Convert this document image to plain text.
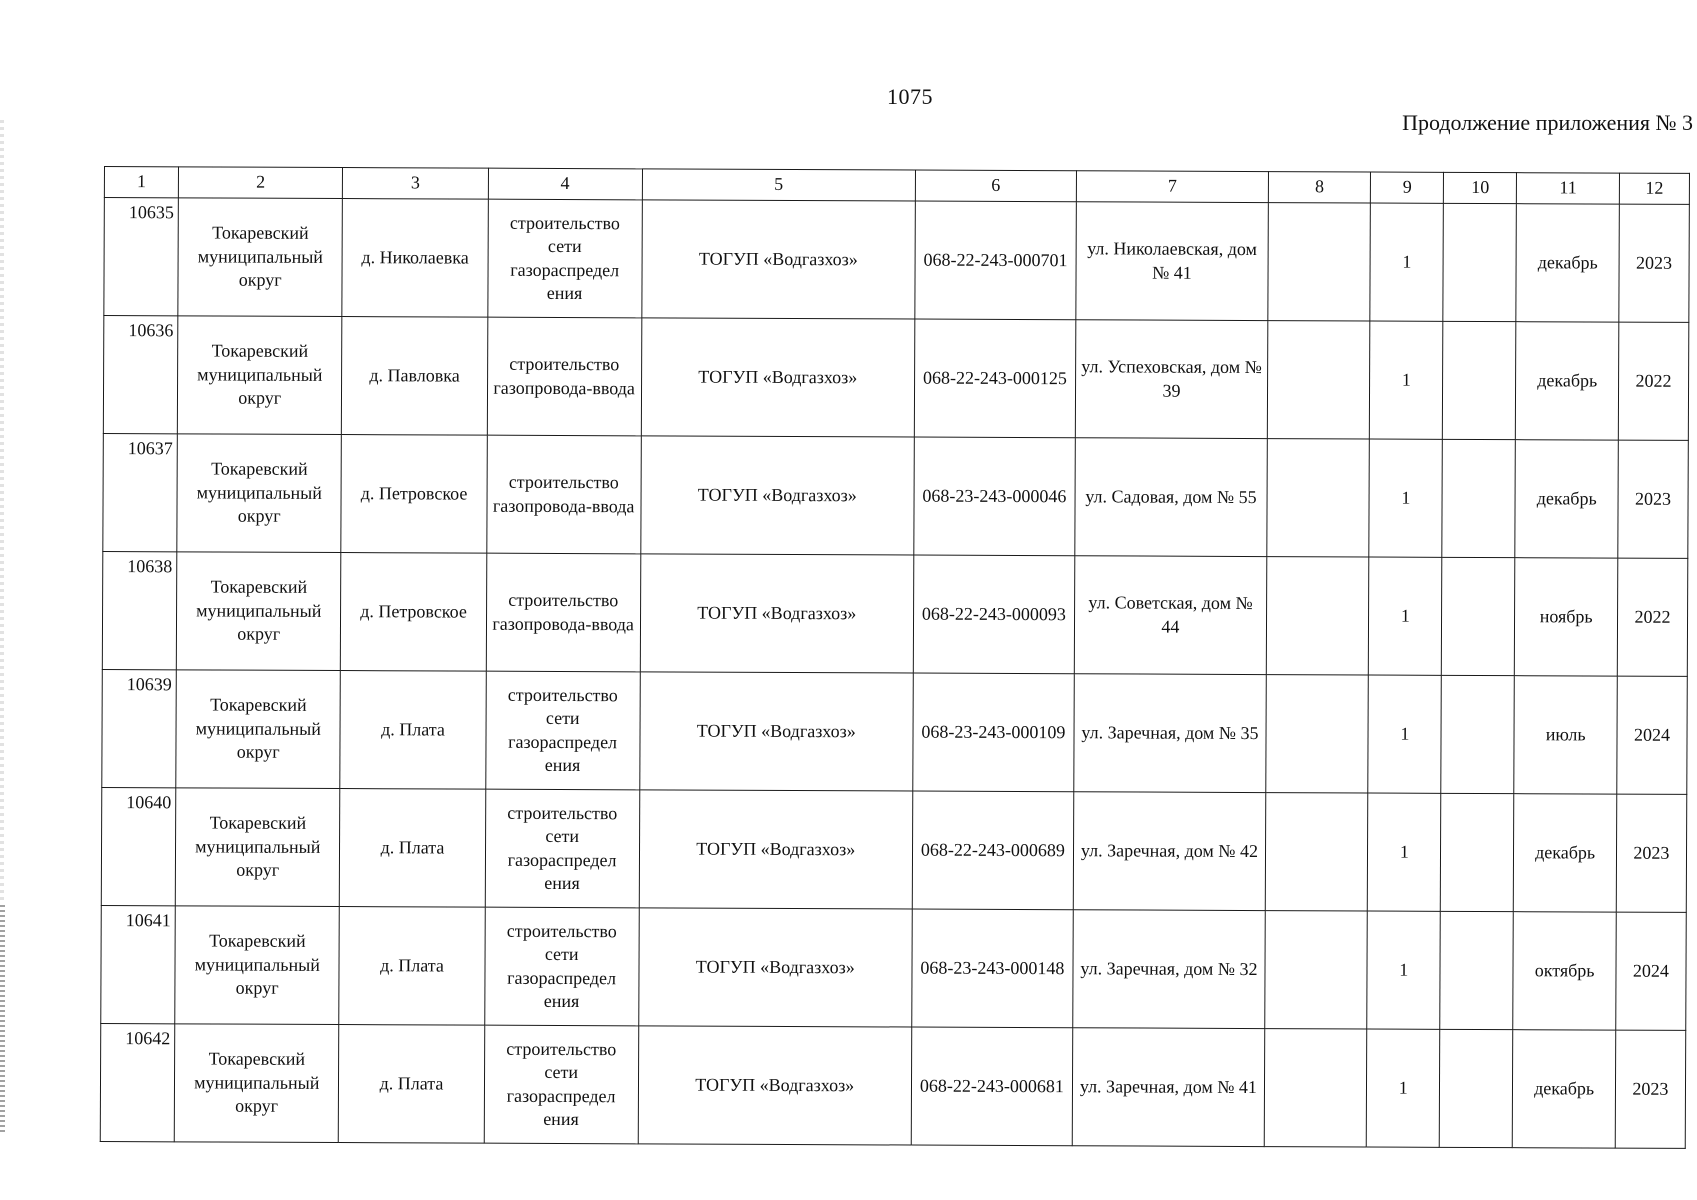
1075
Продолжение приложения № 3
1	2	3	4	5	6	7	8	9	10	11	12
10635	Токаревский муниципальный округ	д. Николаевка	строительство сети газораспредел ения	ТОГУП «Водгазхоз»	068-22-243-000701	ул. Николаевская, дом № 41		1		декабрь	2023
10636	Токаревский муниципальный округ	д. Павловка	строительство газопровода-ввода	ТОГУП «Водгазхоз»	068-22-243-000125	ул. Успеховская, дом № 39		1		декабрь	2022
10637	Токаревский муниципальный округ	д. Петровское	строительство газопровода-ввода	ТОГУП «Водгазхоз»	068-23-243-000046	ул. Садовая, дом № 55		1		декабрь	2023
10638	Токаревский муниципальный округ	д. Петровское	строительство газопровода-ввода	ТОГУП «Водгазхоз»	068-22-243-000093	ул. Советская, дом № 44		1		ноябрь	2022
10639	Токаревский муниципальный округ	д. Плата	строительство сети газораспредел ения	ТОГУП «Водгазхоз»	068-23-243-000109	ул. Заречная, дом № 35		1		июль	2024
10640	Токаревский муниципальный округ	д. Плата	строительство сети газораспредел ения	ТОГУП «Водгазхоз»	068-22-243-000689	ул. Заречная, дом № 42		1		декабрь	2023
10641	Токаревский муниципальный округ	д. Плата	строительство сети газораспредел ения	ТОГУП «Водгазхоз»	068-23-243-000148	ул. Заречная, дом № 32		1		октябрь	2024
10642	Токаревский муниципальный округ	д. Плата	строительство сети газораспредел ения	ТОГУП «Водгазхоз»	068-22-243-000681	ул. Заречная, дом № 41		1		декабрь	2023
